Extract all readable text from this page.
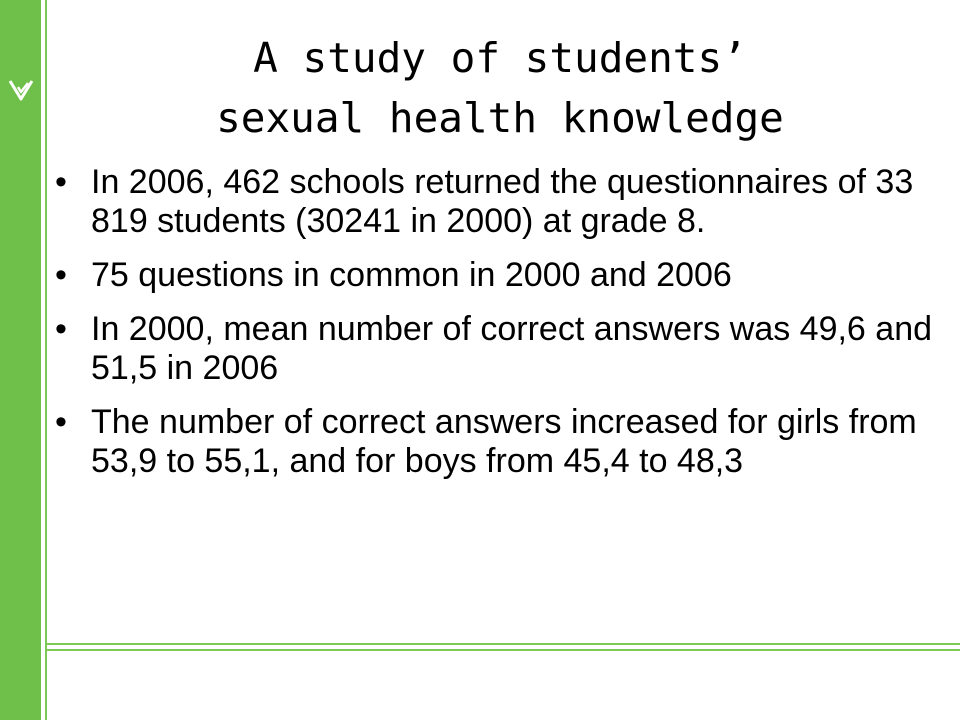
A study of students’
sexual health knowledge
• In 2006, 462 schools returned the questionnaires of 33 819 students (30241 in 2000) at grade 8.
• 75 questions in common in 2000 and 2006
• In 2000, mean number of correct answers was 49,6 and 51,5 in 2006
• The number of correct answers increased for girls from 53,9 to 55,1, and for boys from 45,4 to 48,3
